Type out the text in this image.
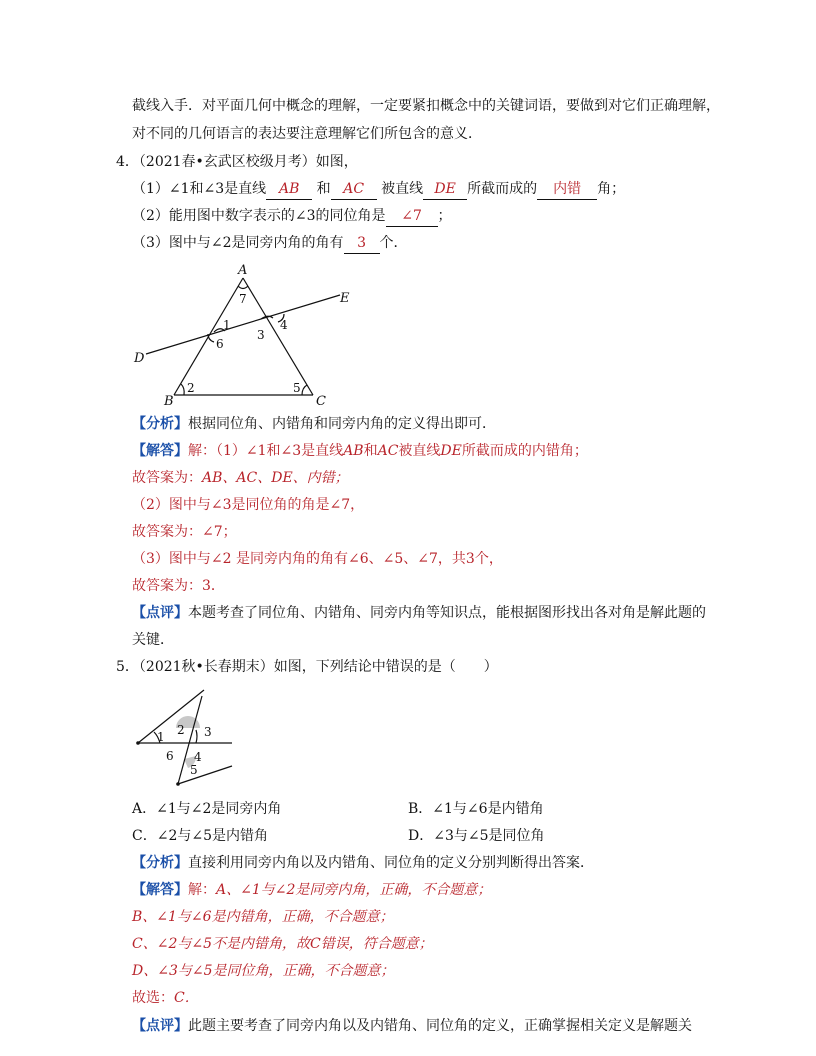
截线入手．对平面几何中概念的理解，一定要紧扣概念中的关键词语，要做到对它们正确理解，
对不同的几何语言的表达要注意理解它们所包含的意义．
4．（2021春•玄武区校级月考）如图，
（1）∠1和∠3是直线 AB 和 AC 被直线 DE 所截而成的 内错 角；
（2）能用图中数字表示的∠3的同位角是 ∠7 ；
（3）图中与∠2是同旁内角的角有 3 个．
A
B	C
D
E
7
1
3
4
6
2	5
【分析】根据同位角、内错角和同旁内角的定义得出即可．
【解答】解：（1）∠1和∠3是直线AB和AC被直线DE所截而成的内错角；
故答案为：AB、AC、DE、内错；
（2）图中与∠3是同位角的角是∠7，
故答案为：∠7；
（3）图中与∠2 是同旁内角的角有∠6、∠5、∠7，共3个，
故答案为：3．
【点评】本题考查了同位角、内错角、同旁内角等知识点，能根据图形找出各对角是解此题的
关键．
5．（2021秋•长春期末）如图，下列结论中错误的是（　　）
1 2 3
6 4
5
A．∠1与∠2是同旁内角	B．∠1与∠6是内错角
C．∠2与∠5是内错角	D．∠3与∠5是同位角
【分析】直接利用同旁内角以及内错角、同位角的定义分别判断得出答案．
【解答】解：A、∠1与∠2是同旁内角，正确，不合题意；
B、∠1与∠6是内错角，正确，不合题意；
C、∠2与∠5不是内错角，故C错误，符合题意；
D、∠3与∠5是同位角，正确，不合题意；
故选：C．
【点评】此题主要考查了同旁内角以及内错角、同位角的定义，正确掌握相关定义是解题关
